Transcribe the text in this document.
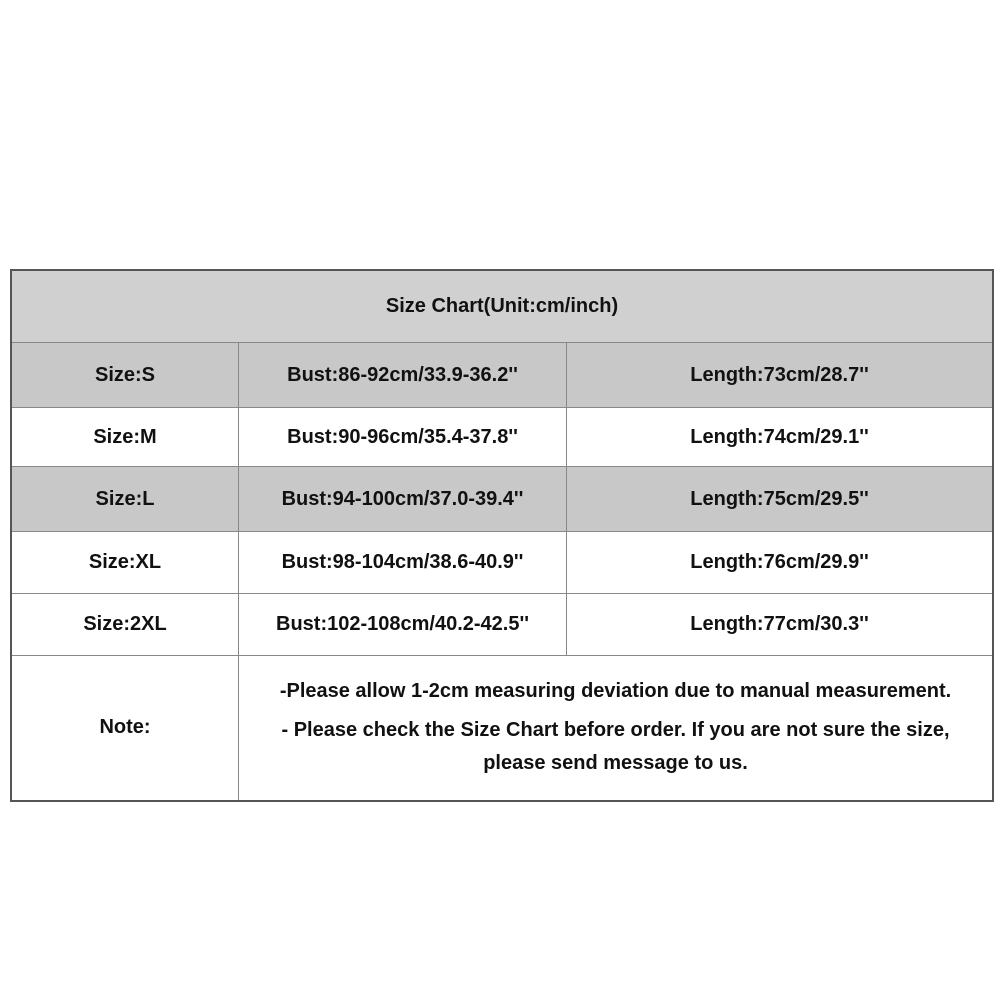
Size Chart(Unit:cm/inch)		
Size:S	Bust:86-92cm/33.9-36.2''	Length:73cm/28.7''
Size:M	Bust:90-96cm/35.4-37.8''	Length:74cm/29.1''
Size:L	Bust:94-100cm/37.0-39.4''	Length:75cm/29.5''
Size:XL	Bust:98-104cm/38.6-40.9''	Length:76cm/29.9''
Size:2XL	Bust:102-108cm/40.2-42.5''	Length:77cm/30.3''
Note:	-Please allow 1-2cm measuring deviation due to manual measurement.
- Please check the Size Chart before order. If you are not sure the size,
please send message to us.	
